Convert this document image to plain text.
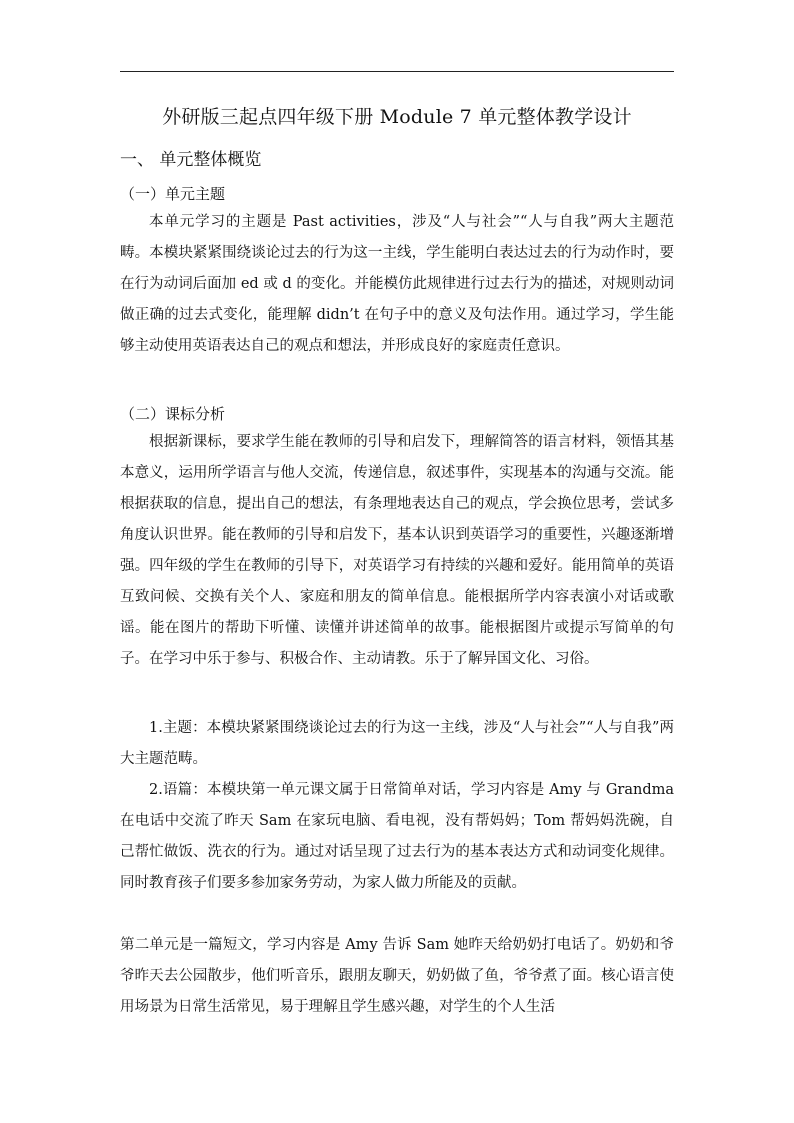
外研版三起点四年级下册 Module 7 单元整体教学设计
一、 单元整体概览
（一）单元主题

本单元学习的主题是 Past activities，涉及“人与社会”“人与自我”两大主题范畴。本模块紧紧围绕谈论过去的行为这一主线，学生能明白表达过去的行为动作时，要在行为动词后面加 ed 或 d 的变化。并能模仿此规律进行过去行为的描述，对规则动词做正确的过去式变化，能理解 didn’t 在句子中的意义及句法作用。通过学习，学生能够主动使用英语表达自己的观点和想法，并形成良好的家庭责任意识。

（二）课标分析

根据新课标，要求学生能在教师的引导和启发下，理解简答的语言材料，领悟其基本意义，运用所学语言与他人交流，传递信息，叙述事件，实现基本的沟通与交流。能根据获取的信息，提出自己的想法，有条理地表达自己的观点，学会换位思考，尝试多角度认识世界。能在教师的引导和启发下，基本认识到英语学习的重要性，兴趣逐渐增强。四年级的学生在教师的引导下，对英语学习有持续的兴趣和爱好。能用简单的英语互致问候、交换有关个人、家庭和朋友的简单信息。能根据所学内容表演小对话或歌谣。能在图片的帮助下听懂、读懂并讲述简单的故事。能根据图片或提示写简单的句子。在学习中乐于参与、积极合作、主动请教。乐于了解异国文化、习俗。

1.主题：本模块紧紧围绕谈论过去的行为这一主线，涉及“人与社会”“人与自我”两大主题范畴。

2.语篇：本模块第一单元课文属于日常简单对话，学习内容是 Amy 与 Grandma 在电话中交流了昨天 Sam 在家玩电脑、看电视，没有帮妈妈；Tom 帮妈妈洗碗，自己帮忙做饭、洗衣的行为。通过对话呈现了过去行为的基本表达方式和动词变化规律。同时教育孩子们要多参加家务劳动，为家人做力所能及的贡献。

第二单元是一篇短文，学习内容是 Amy 告诉 Sam 她昨天给奶奶打电话了。奶奶和爷爷昨天去公园散步，他们听音乐，跟朋友聊天，奶奶做了鱼，爷爷煮了面。核心语言使用场景为日常生活常见，易于理解且学生感兴趣，对学生的个人生活
